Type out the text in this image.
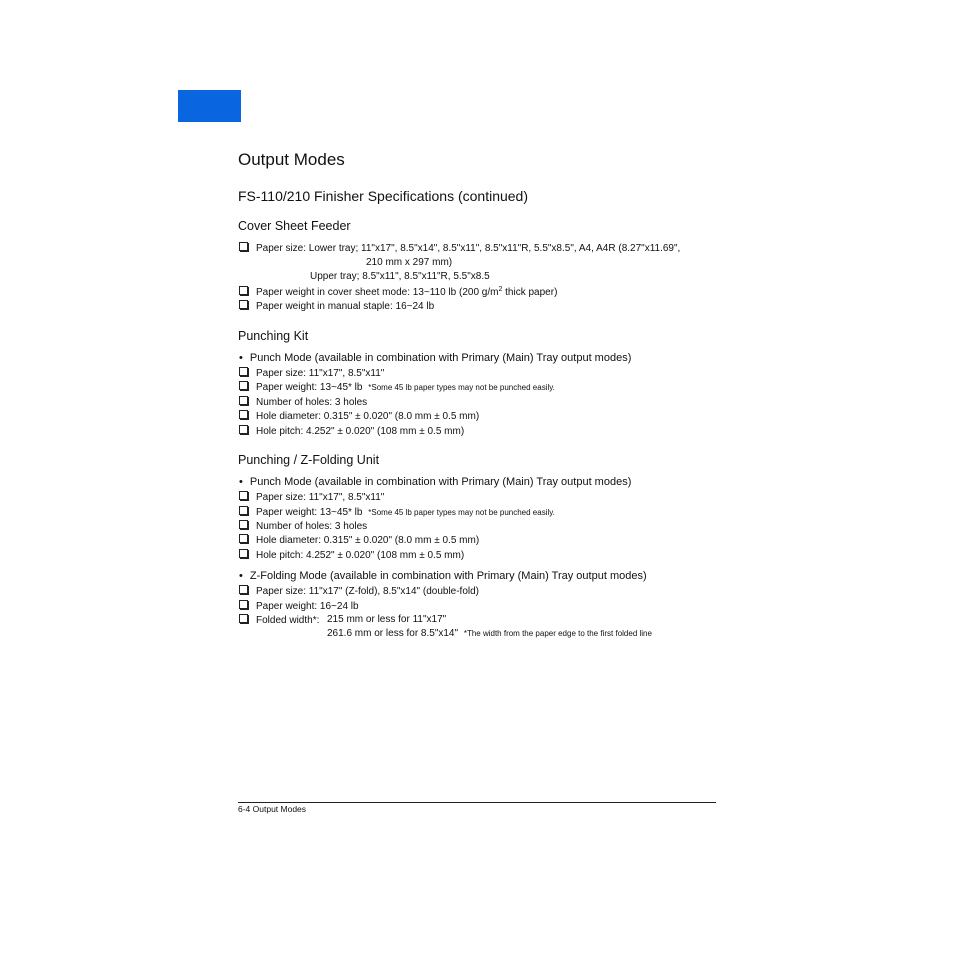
Output Modes
FS-110/210 Finisher Specifications (continued)
Cover Sheet Feeder
Paper size: Lower tray; 11"x17", 8.5"x14", 8.5"x11", 8.5"x11"R, 5.5"x8.5", A4, A4R (8.27"x11.69",
210 mm x 297 mm)
Upper tray; 8.5"x11", 8.5"x11"R, 5.5"x8.5
Paper weight in cover sheet mode: 13~110 lb (200 $g/m^2$ thick paper)
Paper weight in manual staple: 16~24 lb
Punching Kit
• Punch Mode (available in combination with Primary (Main) Tray output modes)
Paper size: 11"x17", 8.5"x11"
Paper weight: 13~45* lb *Some 45 lb paper types may not be punched easily.
Number of holes: 3 holes
Hole diameter: 0.315" ± 0.020" (8.0 mm ± 0.5 mm)
Hole pitch: 4.252" ± 0.020" (108 mm ± 0.5 mm)
Punching / Z-Folding Unit
• Punch Mode (available in combination with Primary (Main) Tray output modes)
Paper size: 11"x17", 8.5"x11"
Paper weight: 13~45* lb *Some 45 lb paper types may not be punched easily.
Number of holes: 3 holes
Hole diameter: 0.315" ± 0.020" (8.0 mm ± 0.5 mm)
Hole pitch: 4.252" ± 0.020" (108 mm ± 0.5 mm)
• Z-Folding Mode (available in combination with Primary (Main) Tray output modes)
Paper size: 11"x17" (Z-fold), 8.5"x14" (double-fold)
Paper weight: 16~24 lb
Folded width*: 215 mm or less for 11"x17"
261.6 mm or less for 8.5"x14" *The width from the paper edge to the first folded line
6-4 Output Modes
